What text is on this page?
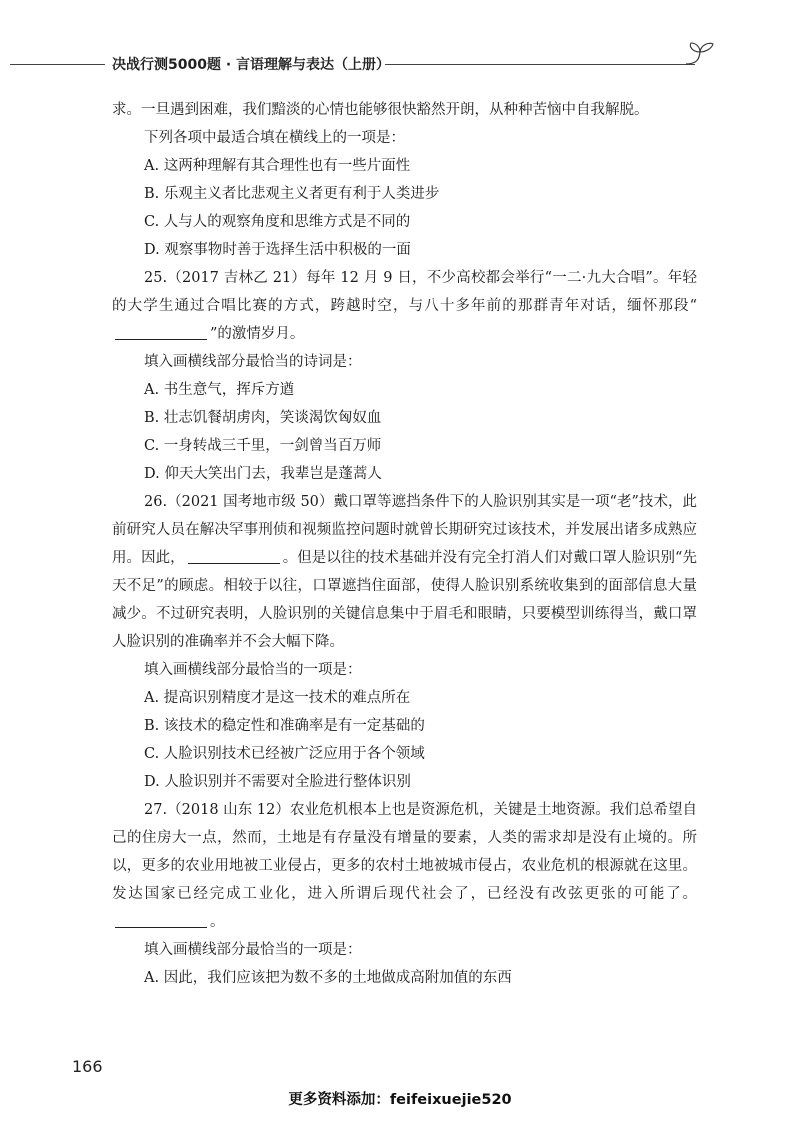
决战行测5000题 · 言语理解与表达（上册）

求。一旦遇到困难，我们黯淡的心情也能够很快豁然开朗，从种种苦恼中自我解脱。

下列各项中最适合填在横线上的一项是：

A. 这两种理解有其合理性也有一些片面性

B. 乐观主义者比悲观主义者更有利于人类进步

C. 人与人的观察角度和思维方式是不同的

D. 观察事物时善于选择生活中积极的一面

25.（2017 吉林乙 21）每年 12 月 9 日，不少高校都会举行“一二·九大合唱”。年轻的大学生通过合唱比赛的方式，跨越时空，与八十多年前的那群青年对话，缅怀那段“”的激情岁月。

填入画横线部分最恰当的诗词是：

A. 书生意气，挥斥方遒

B. 壮志饥餐胡虏肉，笑谈渴饮匈奴血

C. 一身转战三千里，一剑曾当百万师

D. 仰天大笑出门去，我辈岂是蓬蒿人

26.（2021 国考地市级 50）戴口罩等遮挡条件下的人脸识别其实是一项“老”技术，此前研究人员在解决罕事刑侦和视频监控问题时就曾长期研究过该技术，并发展出诸多成熟应用。因此，	。但是以往的技术基础并没有完全打消人们对戴口罩人脸识别“先天不足”的顾虑。相较于以往，口罩遮挡住面部，使得人脸识别系统收集到的面部信息大量减少。不过研究表明，人脸识别的关键信息集中于眉毛和眼睛，只要模型训练得当，戴口罩人脸识别的准确率并不会大幅下降。

填入画横线部分最恰当的一项是：

A. 提高识别精度才是这一技术的难点所在

B. 该技术的稳定性和准确率是有一定基础的

C. 人脸识别技术已经被广泛应用于各个领域

D. 人脸识别并不需要对全脸进行整体识别

27.（2018 山东 12）农业危机根本上也是资源危机，关键是土地资源。我们总希望自己的住房大一点，然而，土地是有存量没有增量的要素，人类的需求却是没有止境的。所以，更多的农业用地被工业侵占，更多的农村土地被城市侵占，农业危机的根源就在这里。发达国家已经完成工业化，进入所谓后现代社会了，已经没有改弦更张的可能了。。

填入画横线部分最恰当的一项是：

A. 因此，我们应该把为数不多的土地做成高附加值的东西

166
更多资料添加：feifeixuejie520
